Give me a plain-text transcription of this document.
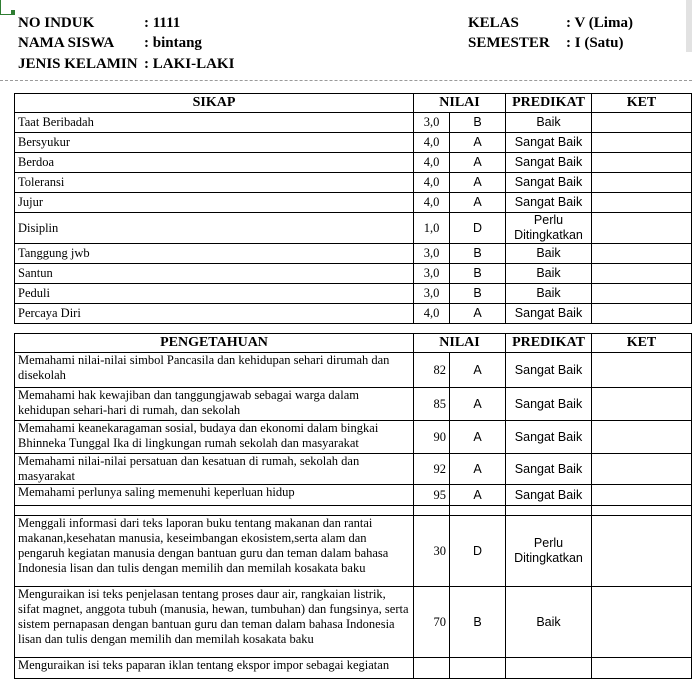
NO INDUK	: 1111
NAMA SISWA : bintang
JENIS KELAMIN : LAKI-LAKI
KELAS	: V (Lima)
SEMESTER : I (Satu)
SIKAP	NILAI		PREDIKAT	KET
Taat Beribadah	3,0	B	Baik	
Bersyukur	4,0	A	Sangat Baik	
Berdoa	4,0	A	Sangat Baik	
Toleransi	4,0	A	Sangat Baik	
Jujur	4,0	A	Sangat Baik	
Disiplin	1,0	D	Perlu Ditingkatkan	
Tanggung jwb	3,0	B	Baik	
Santun	3,0	B	Baik	
Peduli	3,0	B	Baik	
Percaya Diri	4,0	A	Sangat Baik	
PENGETAHUAN	NILAI		PREDIKAT	KET
Memahami nilai-nilai simbol Pancasila dan kehidupan sehari dirumah dan disekolah	82	A	Sangat Baik	
Memahami hak kewajiban dan tanggungjawab sebagai warga dalam kehidupan sehari-hari di rumah, dan sekolah	85	A	Sangat Baik	
Memahami keanekaragaman sosial, budaya dan ekonomi dalam bingkai Bhinneka Tunggal Ika di lingkungan rumah sekolah dan masyarakat	90	A	Sangat Baik	
Memahami nilai-nilai persatuan dan kesatuan di rumah, sekolah dan masyarakat	92	A	Sangat Baik	
Memahami perlunya saling memenuhi keperluan hidup	95	A	Sangat Baik	

Menggali informasi dari teks laporan buku tentang makanan dan rantai makanan,kesehatan manusia, keseimbangan ekosistem,serta alam dan pengaruh kegiatan manusia dengan bantuan guru dan teman dalam bahasa Indonesia lisan dan tulis dengan memilih dan memilah kosakata baku	30	D	Perlu Ditingkatkan	
Menguraikan isi teks penjelasan tentang proses daur air, rangkaian listrik, sifat magnet, anggota tubuh (manusia, hewan, tumbuhan) dan fungsinya, serta sistem pernapasan dengan bantuan guru dan teman dalam bahasa Indonesia lisan dan tulis dengan memilih dan memilah kosakata baku	70	B	Baik	
Menguraikan isi teks paparan iklan tentang ekspor impor sebagai kegiatan				
